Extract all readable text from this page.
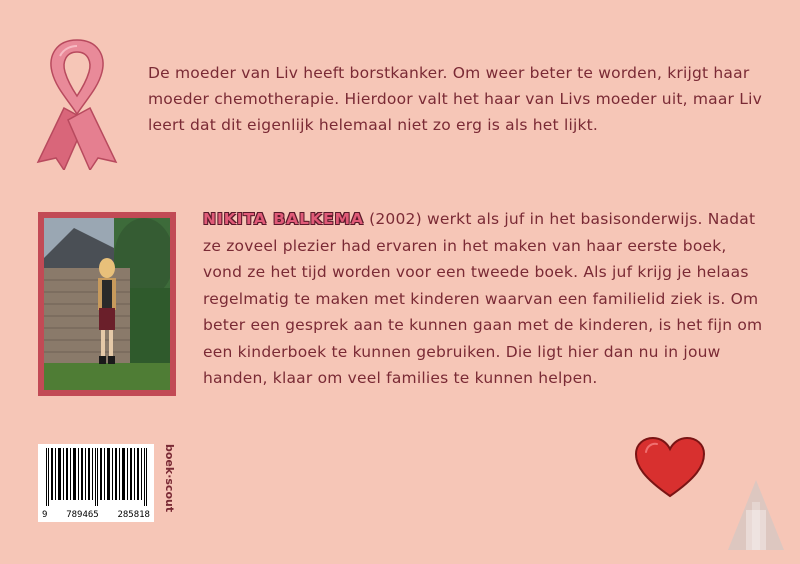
De moeder van Liv heeft borstkanker. Om weer beter te worden, krijgt haar moeder chemotherapie. Hierdoor valt het haar van Livs moeder uit, maar Liv leert dat dit eigenlijk helemaal niet zo erg is als het lijkt.
NIKITA BALKEMA (2002) werkt als juf in het basisonderwijs. Nadat ze zoveel plezier had ervaren in het maken van haar eerste boek, vond ze het tijd worden voor een tweede boek. Als juf krijg je helaas regelmatig te maken met kinderen waarvan een familielid ziek is. Om beter een gesprek aan te kunnen gaan met de kinderen, is het fijn om een kinderboek te kunnen gebruiken. Die ligt hier dan nu in jouw handen, klaar om veel families te kunnen helpen.
9 789465 285818
boek·scout
